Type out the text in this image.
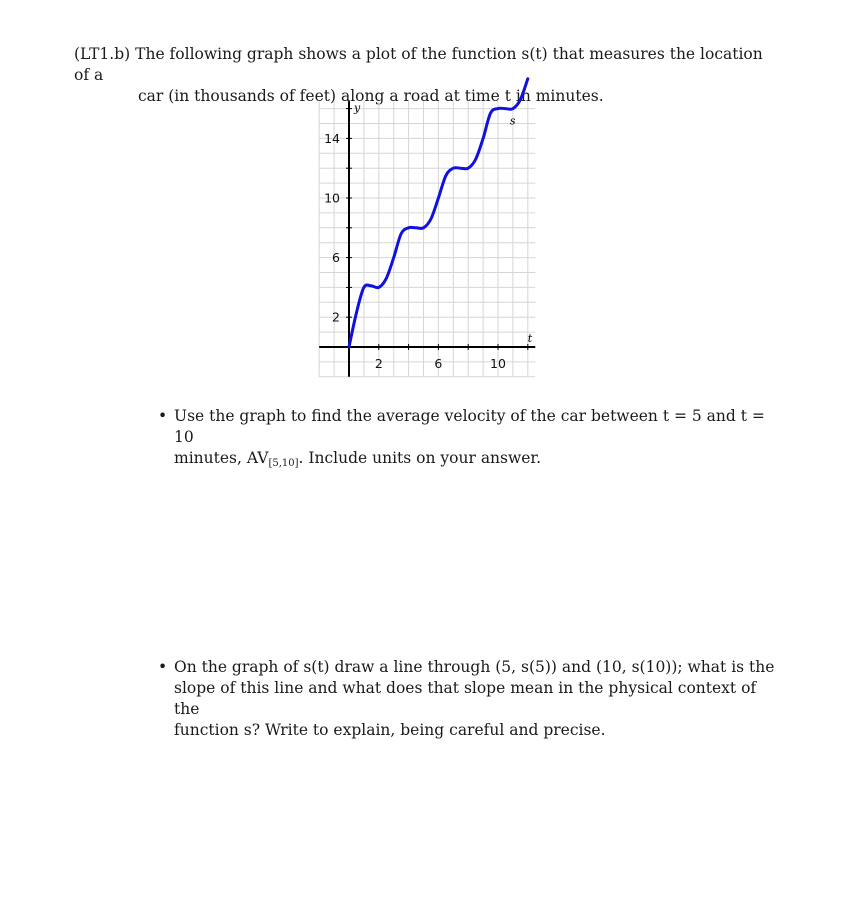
(LT1.b) The following graph shows a plot of the function s(t) that measures the location of a
car (in thousands of feet) along a road at time t in minutes.
2	6	10
2
6
10
14
t
y
s
• Use the graph to find the average velocity of the car between t = 5 and t = 10
minutes, $AV_{[5,10]}$. Include units on your answer.
• On the graph of s(t) draw a line through (5, s(5)) and (10, s(10)); what is the
slope of this line and what does that slope mean in the physical context of the
function s? Write to explain, being careful and precise.
